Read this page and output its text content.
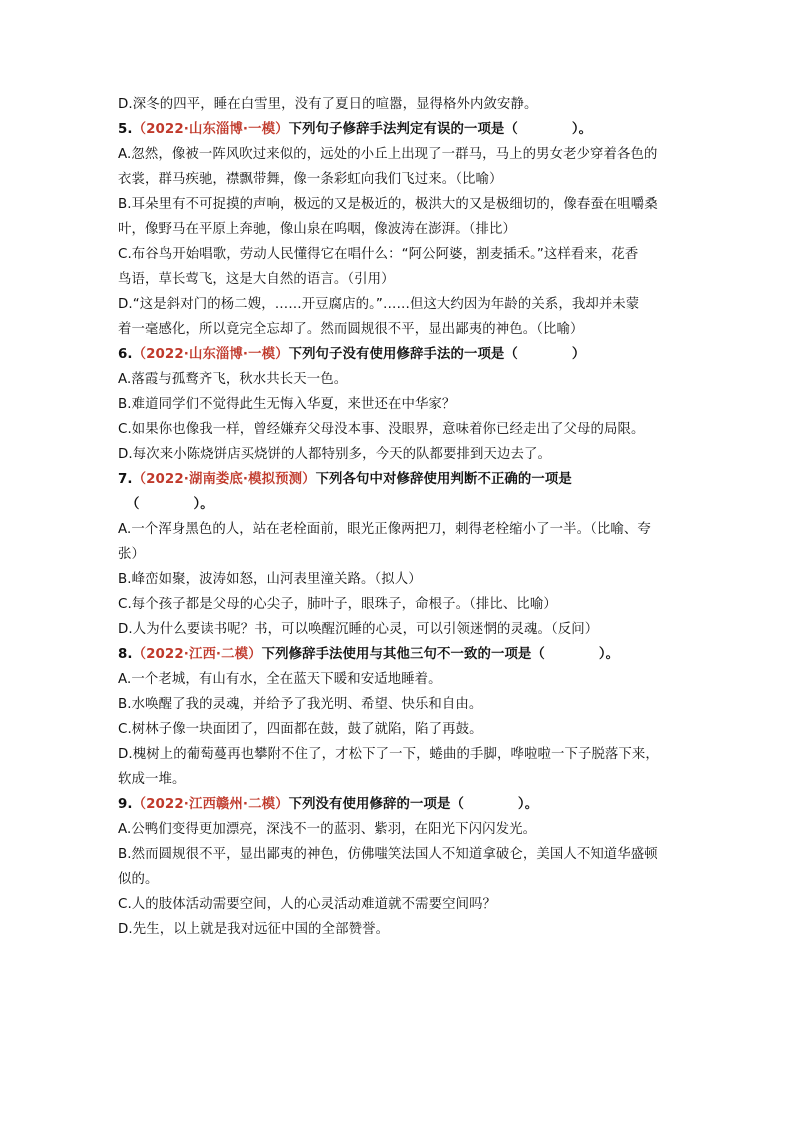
D.深冬的四平，睡在白雪里，没有了夏日的喧嚣，显得格外内敛安静。
5.（2022·山东淄博·一模）下列句子修辞手法判定有误的一项是（　　　　）。
A.忽然，像被一阵风吹过来似的，远处的小丘上出现了一群马，马上的男女老少穿着各色的
衣裳，群马疾驰，襟飘带舞，像一条彩虹向我们飞过来。（比喻）
B.耳朵里有不可捉摸的声响，极远的又是极近的，极洪大的又是极细切的，像春蚕在咀嚼桑
叶，像野马在平原上奔驰，像山泉在呜咽，像波涛在澎湃。（排比）
C.布谷鸟开始唱歌，劳动人民懂得它在唱什么：“阿公阿婆，割麦插禾。”这样看来，花香
鸟语，草长莺飞，这是大自然的语言。（引用）
D.“这是斜对门的杨二嫂，……开豆腐店的。”……但这大约因为年龄的关系，我却并未蒙
着一毫感化，所以竟完全忘却了。然而圆规很不平，显出鄙夷的神色。（比喻）
6.（2022·山东淄博·一模）下列句子没有使用修辞手法的一项是（　　　　）
A.落霞与孤鹜齐飞，秋水共长天一色。
B.难道同学们不觉得此生无悔入华夏，来世还在中华家？
C.如果你也像我一样，曾经嫌弃父母没本事、没眼界，意味着你已经走出了父母的局限。
D.每次来小陈烧饼店买烧饼的人都特别多，今天的队都要排到天边去了。
7.（2022·湖南娄底·模拟预测）下列各句中对修辞使用判断不正确的一项是
（　　　　）。
A.一个浑身黑色的人，站在老栓面前，眼光正像两把刀，刺得老栓缩小了一半。（比喻、夸
张）
B.峰峦如聚，波涛如怒，山河表里潼关路。（拟人）
C.每个孩子都是父母的心尖子，肺叶子，眼珠子，命根子。（排比、比喻）
D.人为什么要读书呢？书，可以唤醒沉睡的心灵，可以引领迷惘的灵魂。（反问）
8.（2022·江西·二模）下列修辞手法使用与其他三句不一致的一项是（　　　　）。
A.一个老城，有山有水，全在蓝天下暖和安适地睡着。
B.水唤醒了我的灵魂，并给予了我光明、希望、快乐和自由。
C.树林子像一块面团了，四面都在鼓，鼓了就陷，陷了再鼓。
D.槐树上的葡萄蔓再也攀附不住了，才松下了一下，蜷曲的手脚，哗啦啦一下子脱落下来，
软成一堆。
9.（2022·江西赣州·二模）下列没有使用修辞的一项是（　　　　）。
A.公鸭们变得更加漂亮，深浅不一的蓝羽、紫羽，在阳光下闪闪发光。
B.然而圆规很不平，显出鄙夷的神色，仿佛嗤笑法国人不知道拿破仑，美国人不知道华盛顿
似的。
C.人的肢体活动需要空间，人的心灵活动难道就不需要空间吗？
D.先生，以上就是我对远征中国的全部赞誉。
